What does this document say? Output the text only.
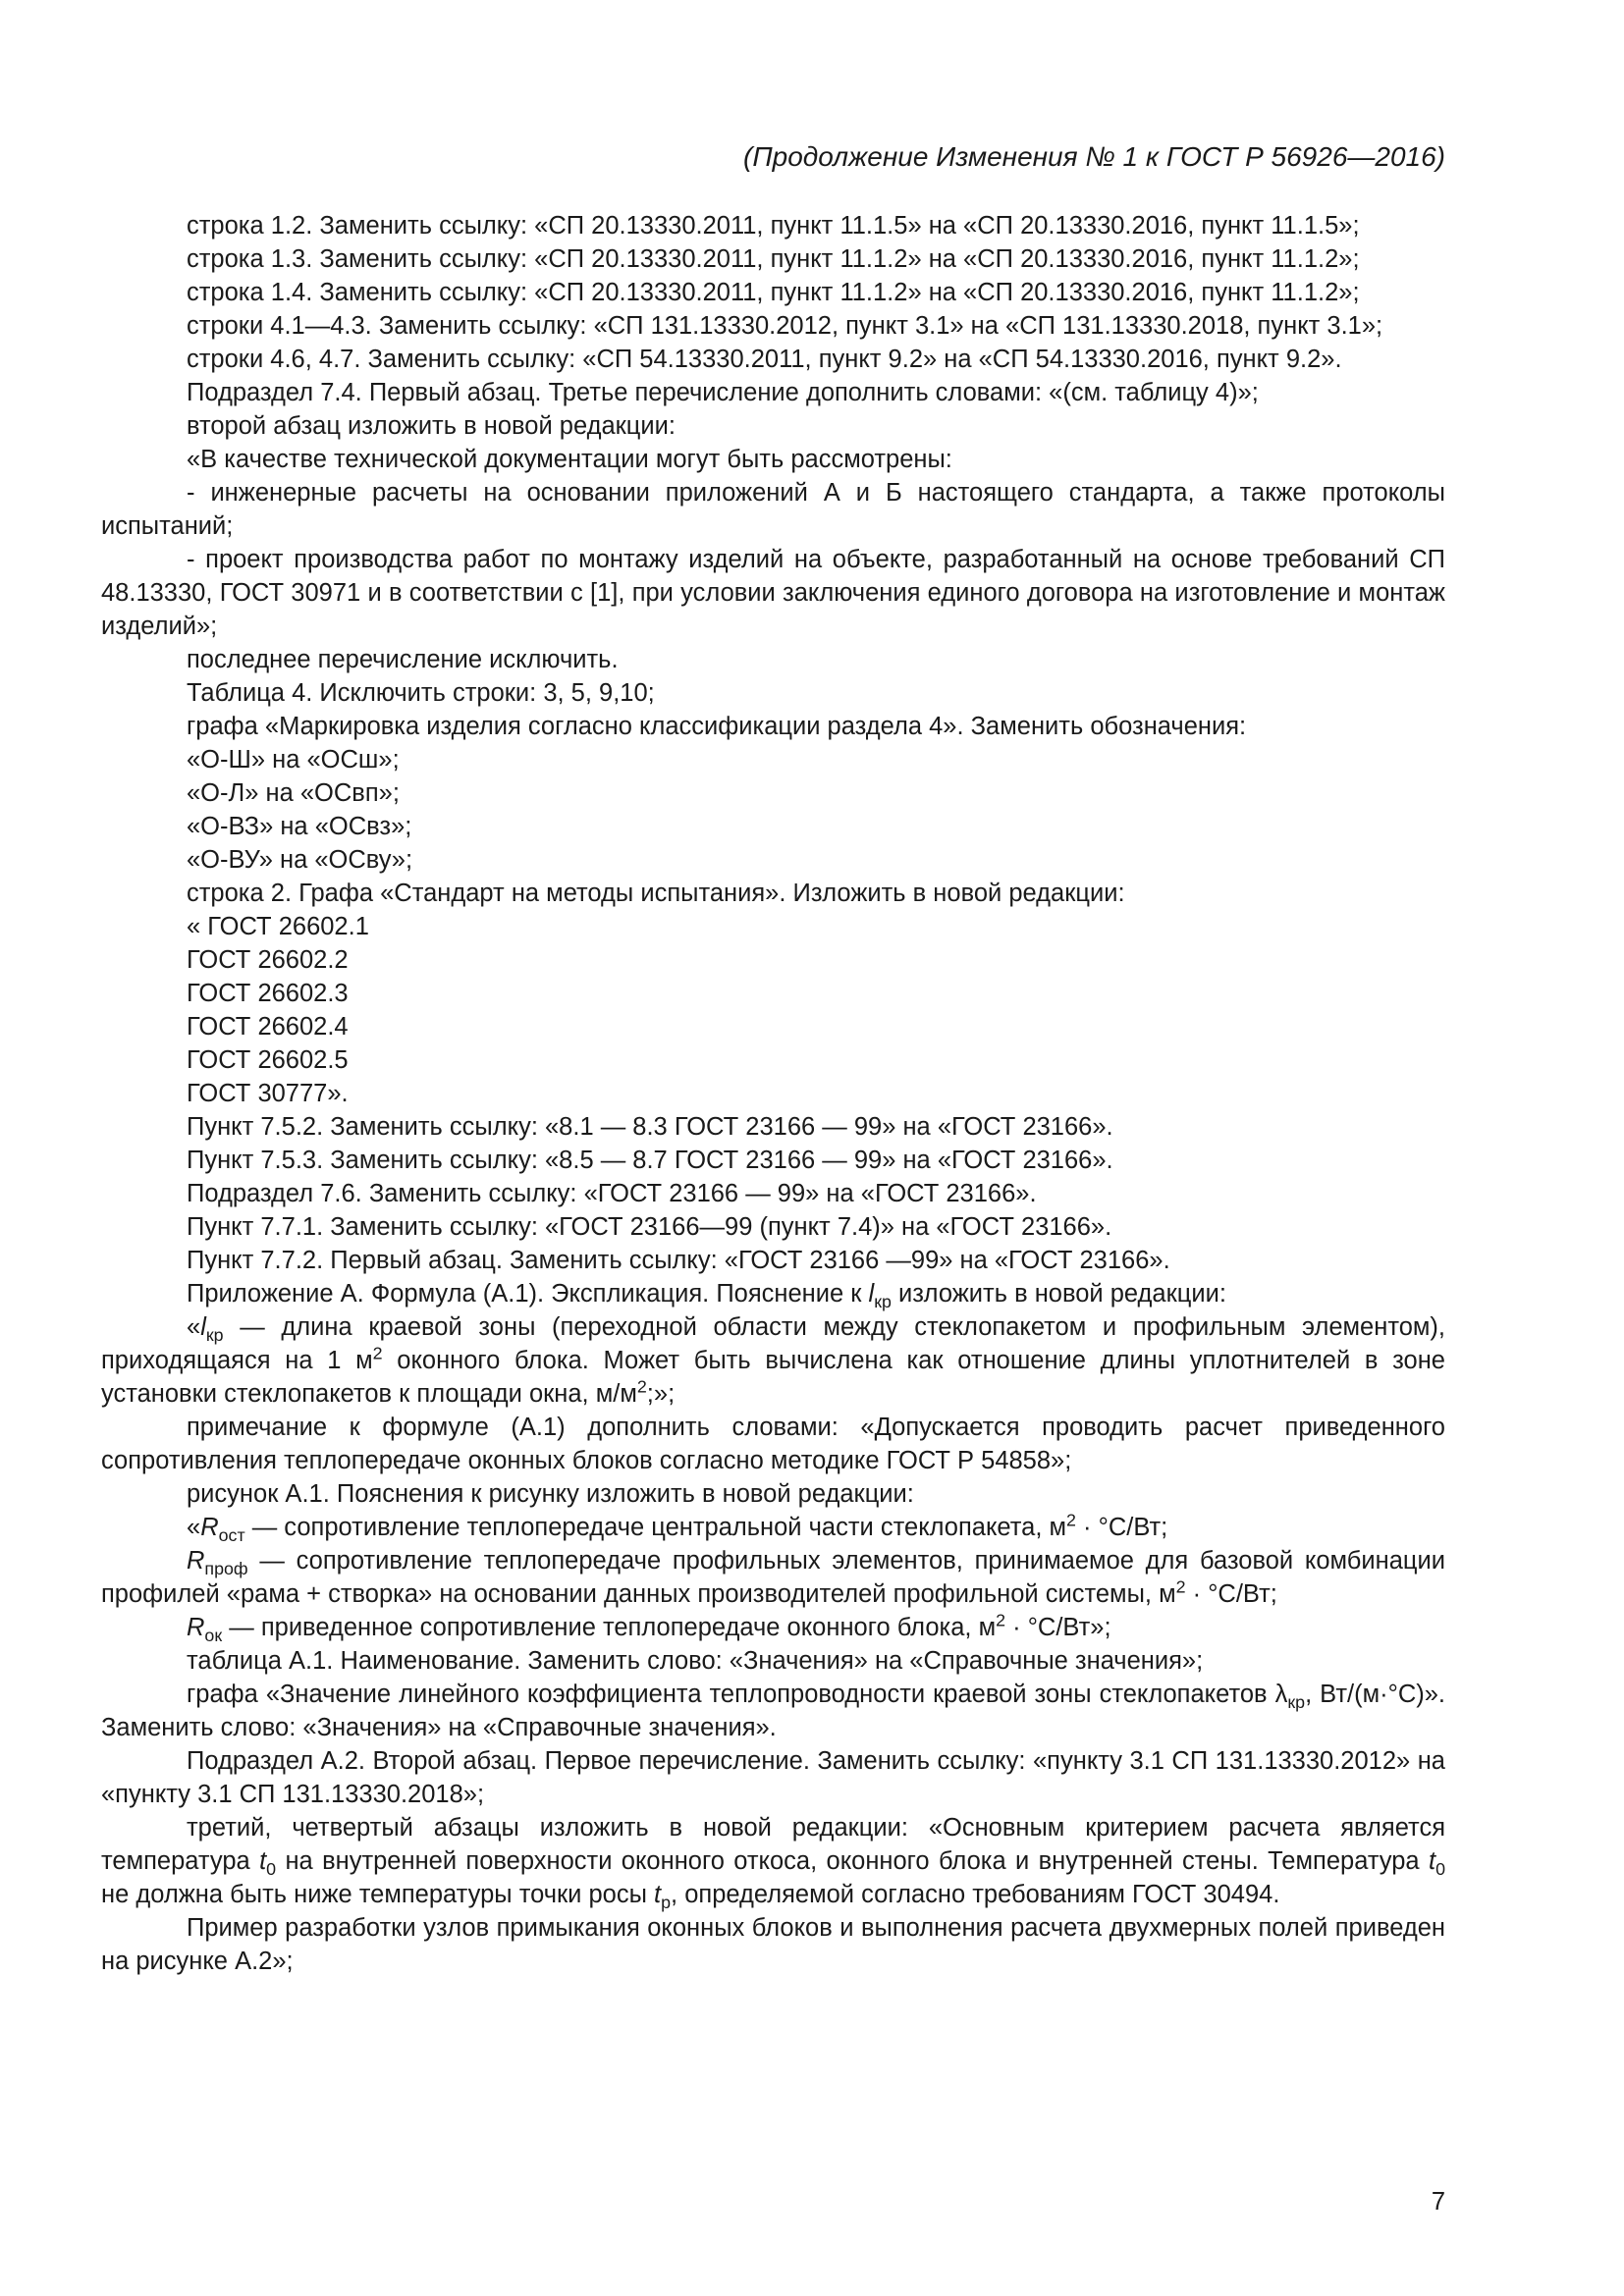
(Продолжение Изменения № 1 к ГОСТ Р 56926—2016)

строка 1.2. Заменить ссылку: «СП 20.13330.2011, пункт 11.1.5» на «СП 20.13330.2016, пункт 11.1.5»;

строка 1.3. Заменить ссылку: «СП 20.13330.2011, пункт 11.1.2» на «СП 20.13330.2016, пункт 11.1.2»;

строка 1.4. Заменить ссылку: «СП 20.13330.2011, пункт 11.1.2» на «СП 20.13330.2016, пункт 11.1.2»;

строки 4.1—4.3. Заменить ссылку: «СП 131.13330.2012, пункт 3.1» на «СП 131.13330.2018, пункт 3.1»;

строки 4.6, 4.7. Заменить ссылку: «СП 54.13330.2011, пункт 9.2» на «СП 54.13330.2016, пункт 9.2».

Подраздел 7.4. Первый абзац. Третье перечисление дополнить словами: «(см. таблицу 4)»;

второй абзац изложить в новой редакции:

«В качестве технической документации могут быть рассмотрены:

- инженерные расчеты на основании приложений А и Б настоящего стандарта, а также протоколы испытаний;

- проект производства работ по монтажу изделий на объекте, разработанный на основе требований СП 48.13330, ГОСТ 30971 и в соответствии с [1], при условии заключения единого договора на изготовление и монтаж изделий»;

последнее перечисление исключить.

Таблица 4. Исключить строки: 3, 5, 9,10;

графа «Маркировка изделия согласно классификации раздела 4». Заменить обозначения:

«О-Ш» на «ОСш»;

«О-Л» на «ОСвп»;

«О-ВЗ» на «ОСвз»;

«О-ВУ» на «ОСву»;

строка 2. Графа «Стандарт на методы испытания». Изложить в новой редакции:

« ГОСТ 26602.1

ГОСТ 26602.2

ГОСТ 26602.3

ГОСТ 26602.4

ГОСТ 26602.5

ГОСТ 30777».

Пункт 7.5.2. Заменить ссылку: «8.1 — 8.3 ГОСТ 23166 — 99» на «ГОСТ 23166».

Пункт 7.5.3. Заменить ссылку: «8.5 — 8.7 ГОСТ 23166 — 99» на «ГОСТ 23166».

Подраздел 7.6. Заменить ссылку: «ГОСТ 23166 — 99» на «ГОСТ 23166».

Пункт 7.7.1. Заменить ссылку: «ГОСТ 23166—99 (пункт 7.4)» на «ГОСТ 23166».

Пункт 7.7.2. Первый абзац. Заменить ссылку: «ГОСТ 23166 —99» на «ГОСТ 23166».

Приложение А. Формула (А.1). Экспликация. Пояснение к $l_{кр}$ изложить в новой редакции:

«$l_{кр}$ — длина краевой зоны (переходной области между стеклопакетом и профильным элементом), приходящаяся на 1 $м^2$ оконного блока. Может быть вычислена как отношение длины уплотнителей в зоне установки стеклопакетов к площади окна, $м/м^2$;»;

примечание к формуле (А.1) дополнить словами: «Допускается проводить расчет приведенного сопротивления теплопередаче оконных блоков согласно методике ГОСТ Р 54858»;

рисунок А.1. Пояснения к рисунку изложить в новой редакции:

«$R_{ост}$ — сопротивление теплопередаче центральной части стеклопакета, $м^2 \cdot ^\circ С/Вт$;

$R_{проф}$ — сопротивление теплопередаче профильных элементов, принимаемое для базовой комбинации профилей «рама + створка» на основании данных производителей профильной системы, $м^2 \cdot ^\circ С/Вт$;

$R_{ок}$ — приведенное сопротивление теплопередаче оконного блока, $м^2 \cdot ^\circ С/Вт$»;

таблица А.1. Наименование. Заменить слово: «Значения» на «Справочные значения»;

графа «Значение линейного коэффициента теплопроводности краевой зоны стеклопакетов $\lambda_{кр}$, Вт/(м·°С)». Заменить слово: «Значения» на «Справочные значения».

Подраздел А.2. Второй абзац. Первое перечисление. Заменить ссылку: «пункту 3.1 СП 131.13330.2012» на «пункту 3.1 СП 131.13330.2018»;

третий, четвертый абзацы изложить в новой редакции: «Основным критерием расчета является температура $t_0$ на внутренней поверхности оконного откоса, оконного блока и внутренней стены. Температура $t_0$ не должна быть ниже температуры точки росы $t_р$, определяемой согласно требованиям ГОСТ 30494.

Пример разработки узлов примыкания оконных блоков и выполнения расчета двухмерных полей приведен на рисунке А.2»;

7
